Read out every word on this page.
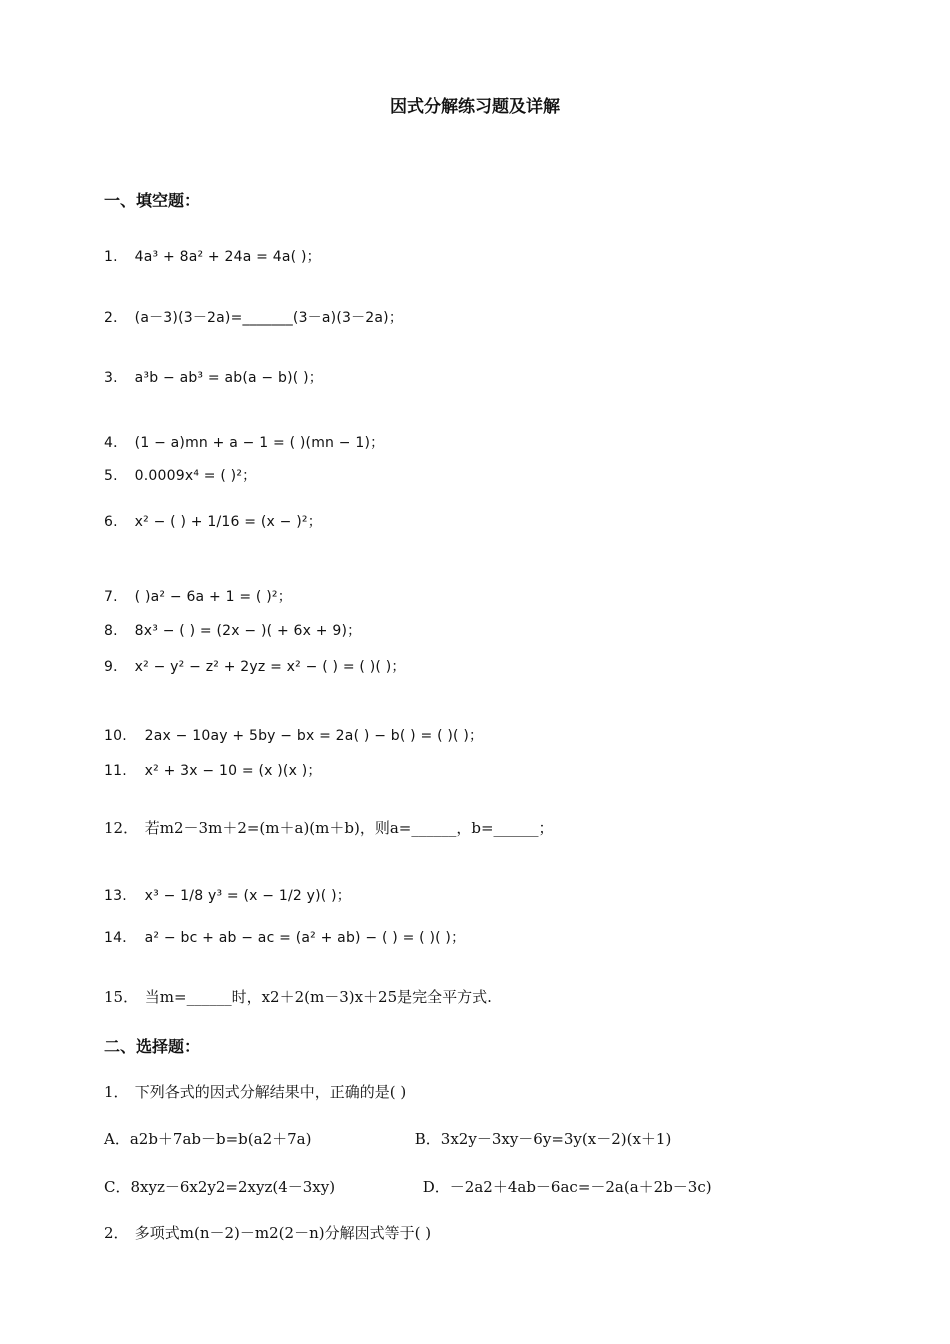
因式分解练习题及详解
一、填空题：
1. 4a³ + 8a² + 24a = 4a( )；
2． (a－3)(3－2a)=_______(3－a)(3－2a)；
3. a³b − ab³ = ab(a − b)( )；
4． (1 − a)mn + a − 1 = ( )(mn − 1)；
5. 0.0009x⁴ = ( )²；
6. x² − ( ) + 1/16 = (x − )²；
7. ( )a² − 6a + 1 = ( )²；
8. 8x³ − ( ) = (2x − )( + 6x + 9)；
9． x² − y² − z² + 2yz = x² − ( ) = ( )( )；
10. 2ax − 10ay + 5by − bx = 2a( ) − b( ) = ( )( )；
11. x² + 3x − 10 = (x )(x )；
12． 若m2－3m＋2=(m＋a)(m＋b)，则a=______，b=______；
13. x³ − 1/8 y³ = (x − 1/2 y)( )；
14． a² − bc + ab − ac = (a² + ab) − ( ) = ( )( )；
15． 当m=______时，x2＋2(m－3)x＋25是完全平方式.
二、选择题：
1． 下列各式的因式分解结果中，正确的是( )
A．a2b＋7ab－b=b(a2＋7a)	B．3x2y－3xy－6y=3y(x－2)(x＋1)
C．8xyz－6x2y2=2xyz(4－3xy)	D．－2a2＋4ab－6ac=－2a(a＋2b－3c)
2． 多项式m(n－2)－m2(2－n)分解因式等于( )
